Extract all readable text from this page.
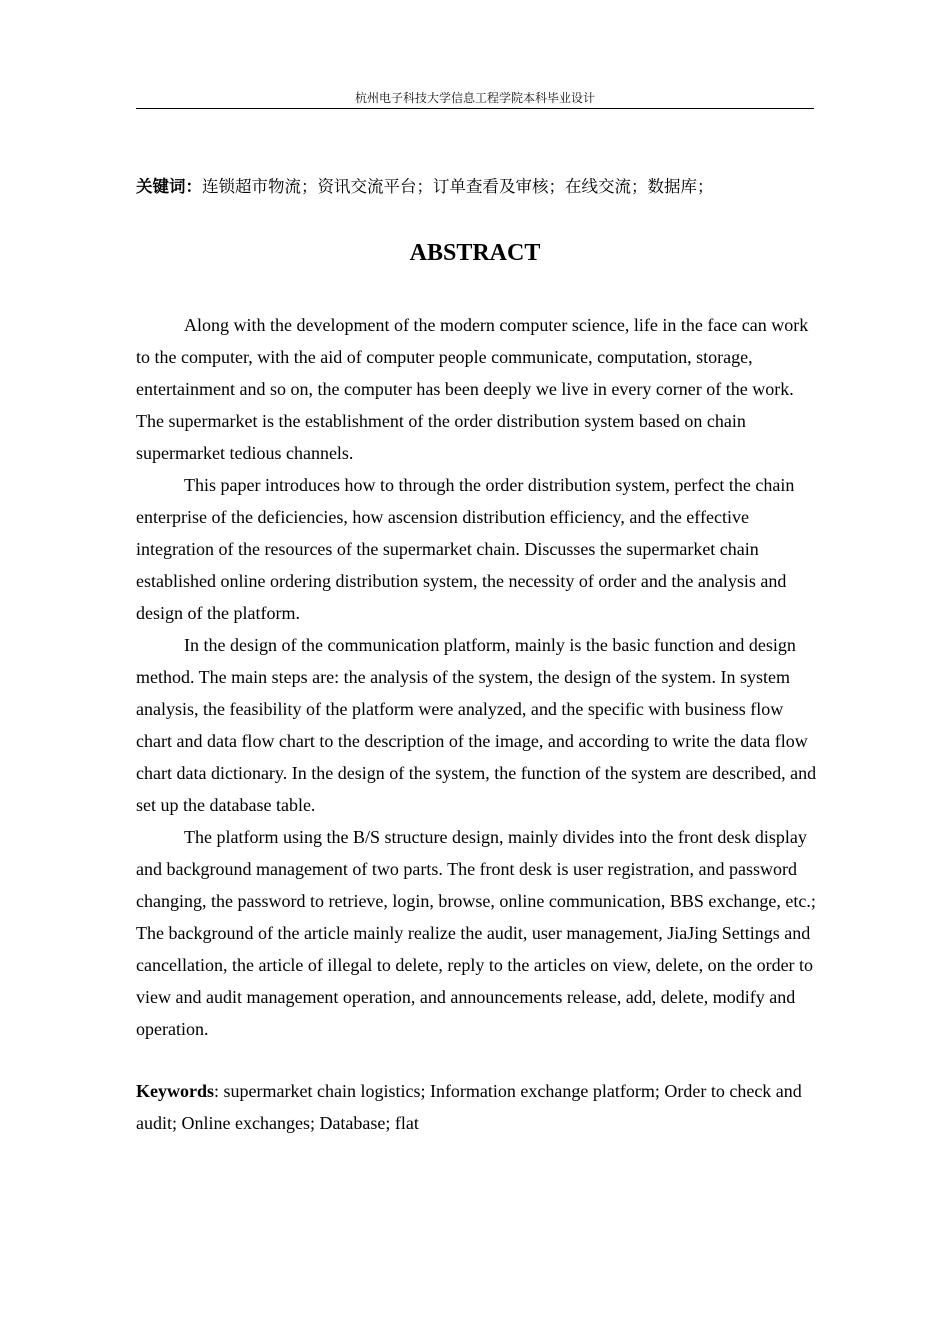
杭州电子科技大学信息工程学院本科毕业设计
关键词：连锁超市物流；资讯交流平台；订单查看及审核；在线交流；数据库；
ABSTRACT

Along with the development of the modern computer science, life in the face can work to the computer, with the aid of computer people communicate, computation, storage, entertainment and so on, the computer has been deeply we live in every corner of the work. The supermarket is the establishment of the order distribution system based on chain supermarket tedious channels.

This paper introduces how to through the order distribution system, perfect the chain enterprise of the deficiencies, how ascension distribution efficiency, and the effective integration of the resources of the supermarket chain. Discusses the supermarket chain established online ordering distribution system, the necessity of order and the analysis and design of the platform.

In the design of the communication platform, mainly is the basic function and design method. The main steps are: the analysis of the system, the design of the system. In system analysis, the feasibility of the platform were analyzed, and the specific with business flow chart and data flow chart to the description of the image, and according to write the data flow chart data dictionary. In the design of the system, the function of the system are described, and set up the database table.

The platform using the B/S structure design, mainly divides into the front desk display and background management of two parts. The front desk is user registration, and password changing, the password to retrieve, login, browse, online communication, BBS exchange, etc.; The background of the article mainly realize the audit, user management, JiaJing Settings and cancellation, the article of illegal to delete, reply to the articles on view, delete, on the order to view and audit management operation, and announcements release, add, delete, modify and operation.

Keywords: supermarket chain logistics; Information exchange platform; Order to check and audit; Online exchanges; Database; flat
